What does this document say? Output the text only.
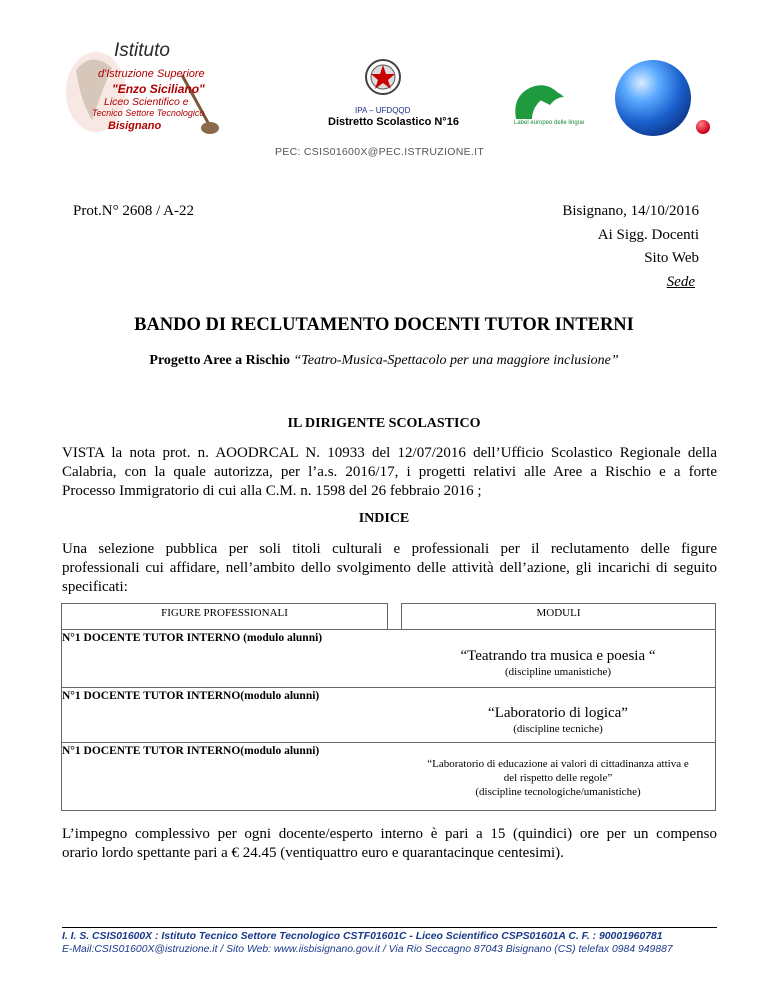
Istituto
d'Istruzione Superiore
"Enzo Siciliano"
Liceo Scientifico e
Tecnico Settore Tecnologico
Bisignano
IPA – UFDQQD
Distretto Scolastico N°16	Label europeo delle lingue
PEC: CSIS01600X@PEC.ISTRUZIONE.IT
Prot.N° 2608 / A-22	Bisignano, 14/10/2016
Ai Sigg. Docenti
Sito Web
Sede
BANDO DI RECLUTAMENTO DOCENTI TUTOR INTERNI
Progetto Aree a Rischio “Teatro-Musica-Spettacolo per una maggiore inclusione”
IL DIRIGENTE SCOLASTICO
VISTA la nota prot. n. AOODRCAL N. 10933 del 12/07/2016 dell’Ufficio Scolastico Regionale della
Calabria, con la quale autorizza, per l’a.s. 2016/17, i progetti relativi alle Aree a Rischio e a forte
Processo Immigratorio di cui alla C.M. n. 1598 del 26 febbraio 2016 ;
INDICE
Una selezione pubblica per soli titoli culturali e professionali per il reclutamento delle figure
professionali cui affidare, nell’ambito dello svolgimento delle attività dell’azione, gli incarichi di seguito
specificati:
FIGURE PROFESSIONALI		MODULI

N°1 DOCENTE TUTOR INTERNO (modulo alunni)
“Teatrando tra musica e poesia “
(discipline umanistiche)

N°1 DOCENTE TUTOR INTERNO(modulo alunni)
“Laboratorio di logica”
(discipline tecniche)

N°1 DOCENTE TUTOR INTERNO(modulo alunni)
“Laboratorio di educazione ai valori di cittadinanza attiva e
del rispetto delle regole”
(discipline tecnologiche/umanistiche)
L’impegno complessivo per ogni docente/esperto interno è pari a 15 (quindici) ore per un compenso
orario lordo spettante pari a € 24.45 (ventiquattro euro e quarantacinque centesimi).
I. I. S. CSIS01600X : Istituto Tecnico Settore Tecnologico CSTF01601C - Liceo Scientifico CSPS01601A C. F. : 90001960781
E-Mail:CSIS01600X@istruzione.it / Sito Web: www.iisbisignano.gov.it / Via Rio Seccagno 87043 Bisignano (CS) telefax 0984 949887
